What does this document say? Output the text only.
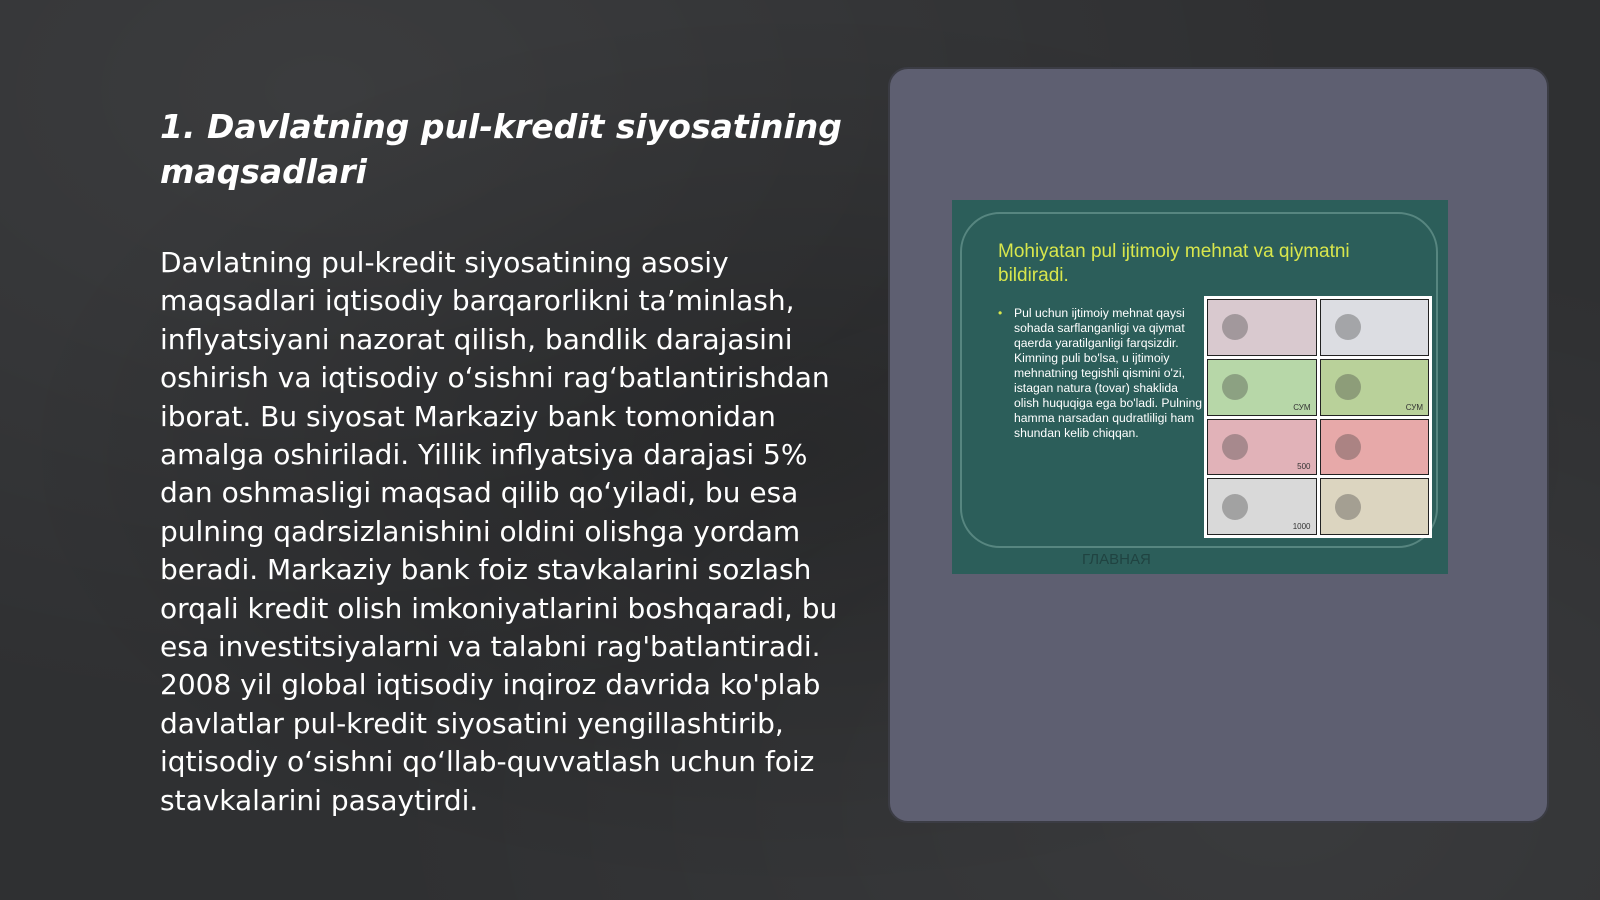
1. Davlatning pul-kredit siyosatining maqsadlari

Davlatning pul-kredit siyosatining asosiy maqsadlari iqtisodiy barqarorlikni ta’minlash, inflyatsiyani nazorat qilish, bandlik darajasini oshirish va iqtisodiy o‘sishni rag‘batlantirishdan iborat. Bu siyosat Markaziy bank tomonidan amalga oshiriladi. Yillik inflyatsiya darajasi 5% dan oshmasligi maqsad qilib qo‘yiladi, bu esa pulning qadrsizlanishini oldini olishga yordam beradi. Markaziy bank foiz stavkalarini sozlash orqali kredit olish imkoniyatlarini boshqaradi, bu esa investitsiyalarni va talabni rag'batlantiradi. 2008 yil global iqtisodiy inqiroz davrida ko'plab davlatlar pul-kredit siyosatini yengillashtirib, iqtisodiy o‘sishni qo‘llab-quvvatlash uchun foiz stavkalarini pasaytirdi.

Mohiyatan pul ijtimoiy mehnat va qiymatni bildiradi.

• Pul uchun ijtimoiy mehnat qaysi sohada sarflanganligi va qiymat qaerda yaratilganligi farqsizdir. Kimning puli bo'lsa, u ijtimoiy mehnatning tegishli qismini o'zi, istagan natura (tovar) shaklida olish huquqiga ega bo'ladi. Pulning hamma narsadan qudratliligi ham shundan kelib chiqqan.
СУМ	СУМ
500
1000
ГЛАВНАЯ
